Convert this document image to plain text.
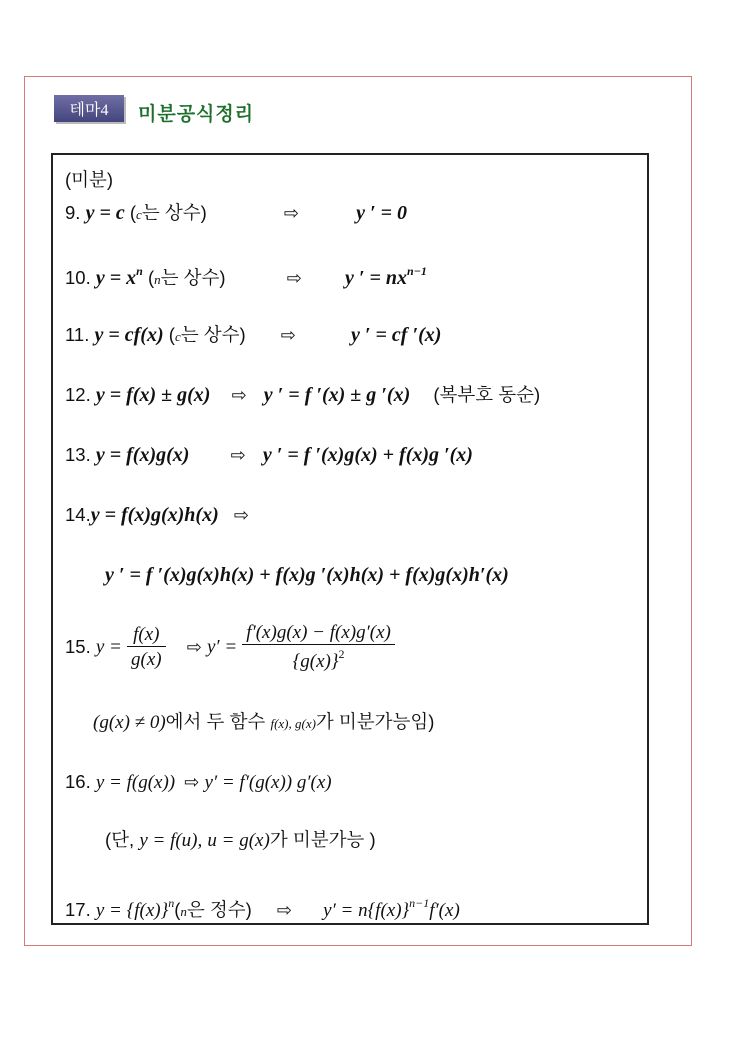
테마4	미분공식정리
(미분)
9. y = c (c는 상수)	⇨	y ′ = 0
10. $y = x^n$ (n는 상수)	⇨ y ′ = $nx^{n-1}$
11. y = cf(x) (c는 상수) ⇨	y ′ = cf ′(x)
12. y = f(x) ± g(x) ⇨ y ′ = f ′(x) ± g ′(x) (복부호 동순)
13. y = f(x)g(x) ⇨ y ′ = f ′(x)g(x) + f(x)g ′(x)
14.y = f(x)g(x)h(x) ⇨
y ′ = f ′(x)g(x)h(x) + f(x)g ′(x)h(x) + f(x)g(x)h′(x)
15. $y = \frac{f(x)}{g(x)}$ ⇨ $y' = \frac{f'(x)g(x) - f(x)g'(x)}{\{g(x)\}^2}$
(g(x) ≠ 0)에서 두 함수 f(x), g(x)가 미분가능임)
16. y = f(g(x)) ⇨ y′ = f′(g(x)) g′(x)
(단, y = f(u), u = g(x)가 미분가능 )
17. $y = \{f(x)\}^n(n$은 정수) ⇨ $y' = n\{f(x)\}^{n-1}f'(x)$
